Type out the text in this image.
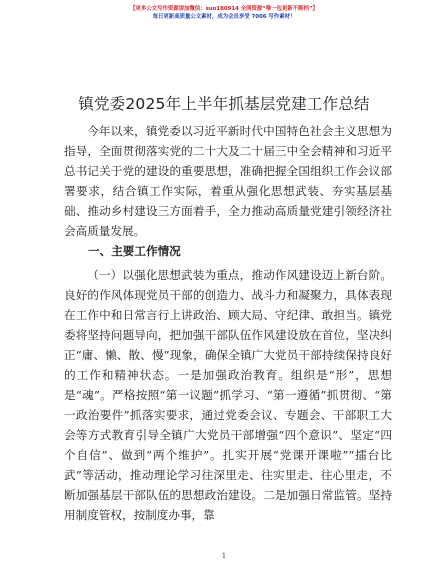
【更多公文写作资源请加微信：suo180914 全网资源“唯一包更新不断档”】
每日更新高质量公文素材，成为会员享受 7006 写作素材！
镇党委2025年上半年抓基层党建工作总结

今年以来，镇党委以习近平新时代中国特色社会主义思想为指导，全面贯彻落实党的二十大及二十届三中全会精神和习近平总书记关于党的建设的重要思想，准确把握全国组织工作会议部署要求，结合镇工作实际，着重从强化思想武装、夯实基层基础、推动乡村建设三方面着手，全力推动高质量党建引领经济社会高质量发展。

一、主要工作情况

（一）以强化思想武装为重点，推动作风建设迈上新台阶。良好的作风体现党员干部的创造力、战斗力和凝聚力，具体表现在工作中和日常言行上讲政治、顾大局、守纪律、敢担当。镇党委将坚持问题导向，把加强干部队伍作风建设放在首位，坚决纠正“庸、懒、散、慢”现象，确保全镇广大党员干部持续保持良好的工作和精神状态。一是加强政治教育。组织是“形”，思想是“魂”。严格按照“第一议题”抓学习、“第一遵循”抓贯彻、“第一政治要件”抓落实要求，通过党委会议、专题会、干部职工大会等方式教育引导全镇广大党员干部增强“四个意识”、坚定“四个自信”、做到“两个维护”。扎实开展“党课开课啦”“擂台比武”等活动，推动理论学习往深里走、往实里走、往心里走，不断加强基层干部队伍的思想政治建设。二是加强日常监管。坚持用制度管权，按制度办事，靠

1
